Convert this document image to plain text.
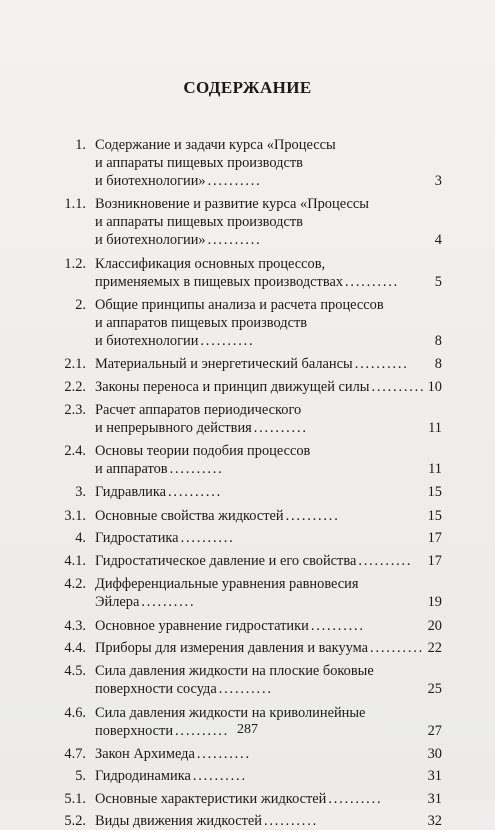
СОДЕРЖАНИЕ
1. Содержание и задачи курса «Процессы
и аппараты пищевых производств
и биотехнологии» ..........	3
1.1. Возникновение и развитие курса «Процессы
и аппараты пищевых производств
и биотехнологии» ..........	4
1.2. Классификация основных процессов,
применяемых в пищевых производствах ..........	5
2. Общие принципы анализа и расчета процессов
и аппаратов пищевых производств
и биотехнологии ..........	8
2.1. Материальный и энергетический балансы ..........	8
2.2. Законы переноса и принцип движущей силы .......... 10
2.3. Расчет аппаратов периодического
и непрерывного действия ..........	11
2.4. Основы теории подобия процессов
и аппаратов ..........	11
3. Гидравлика ..........	15
3.1. Основные свойства жидкостей ..........	15
4. Гидростатика ..........	17
4.1. Гидростатическое давление и его свойства ..........	17
4.2. Дифференциальные уравнения равновесия
Эйлера ..........	19
4.3. Основное уравнение гидростатики ..........	20
4.4. Приборы для измерения давления и вакуума .......... 22
4.5. Сила давления жидкости на плоские боковые
поверхности сосуда ..........	25
4.6. Сила давления жидкости на криволинейные
поверхности ..........	27
4.7. Закон Архимеда ..........	30
5. Гидродинамика ..........	31
5.1. Основные характеристики жидкостей ..........	31
5.2. Виды движения жидкостей ..........	32
287
